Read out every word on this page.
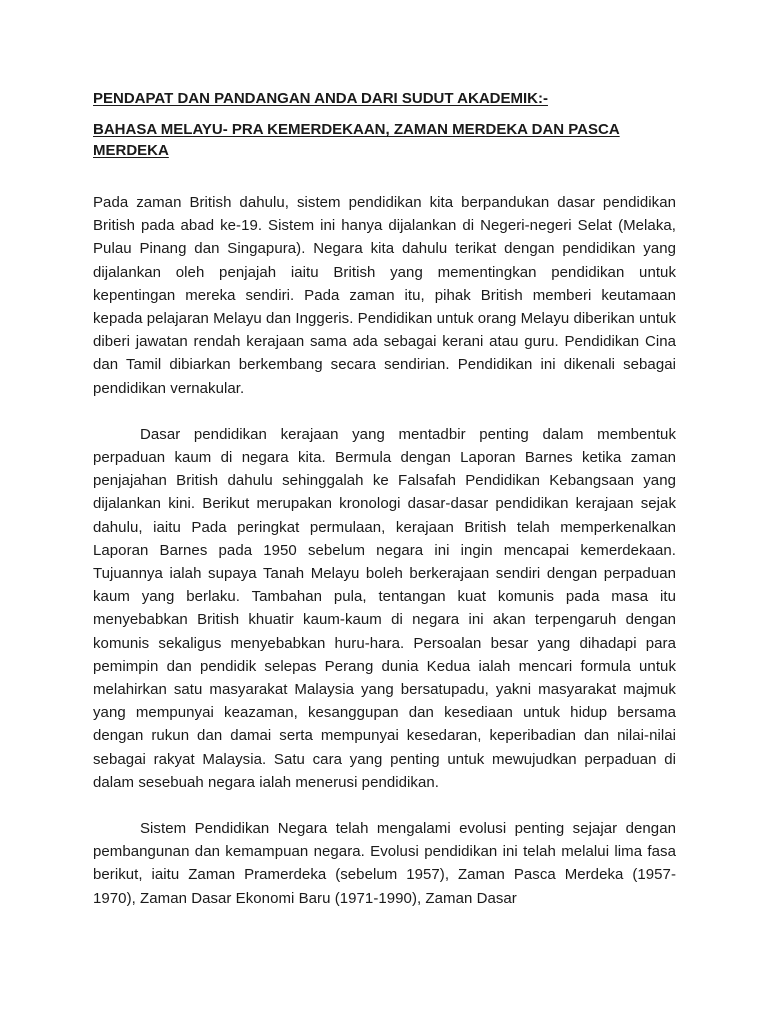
PENDAPAT DAN PANDANGAN ANDA DARI SUDUT AKADEMIK:-

BAHASA MELAYU- PRA KEMERDEKAAN, ZAMAN MERDEKA DAN PASCA MERDEKA

Pada zaman British dahulu, sistem pendidikan kita berpandukan dasar pendidikan British pada abad ke-19. Sistem ini hanya dijalankan di Negeri-negeri Selat (Melaka, Pulau Pinang dan Singapura). Negara kita dahulu terikat dengan pendidikan yang dijalankan oleh penjajah iaitu British yang mementingkan pendidikan untuk kepentingan mereka sendiri. Pada zaman itu, pihak British memberi keutamaan kepada pelajaran Melayu dan Inggeris. Pendidikan untuk orang Melayu diberikan untuk diberi jawatan rendah kerajaan sama ada sebagai kerani atau guru. Pendidikan Cina dan Tamil dibiarkan berkembang secara sendirian. Pendidikan ini dikenali sebagai pendidikan vernakular.

Dasar pendidikan kerajaan yang mentadbir penting dalam membentuk perpaduan kaum di negara kita. Bermula dengan Laporan Barnes ketika zaman penjajahan British dahulu sehinggalah ke Falsafah Pendidikan Kebangsaan yang dijalankan kini. Berikut merupakan kronologi dasar-dasar pendidikan kerajaan sejak dahulu, iaitu Pada peringkat permulaan, kerajaan British telah memperkenalkan Laporan Barnes pada 1950 sebelum negara ini ingin mencapai kemerdekaan. Tujuannya ialah supaya Tanah Melayu boleh berkerajaan sendiri dengan perpaduan kaum yang berlaku. Tambahan pula, tentangan kuat komunis pada masa itu menyebabkan British khuatir kaum-kaum di negara ini akan terpengaruh dengan komunis sekaligus menyebabkan huru-hara. Persoalan besar yang dihadapi para pemimpin dan pendidik selepas Perang dunia Kedua ialah mencari formula untuk melahirkan satu masyarakat Malaysia yang bersatupadu, yakni masyarakat majmuk yang mempunyai keazaman, kesanggupan dan kesediaan untuk hidup bersama dengan rukun dan damai serta mempunyai kesedaran, keperibadian dan nilai-nilai sebagai rakyat Malaysia. Satu cara yang penting untuk mewujudkan perpaduan di dalam sesebuah negara ialah menerusi pendidikan.

Sistem Pendidikan Negara telah mengalami evolusi penting sejajar dengan pembangunan dan kemampuan negara. Evolusi pendidikan ini telah melalui lima fasa berikut, iaitu Zaman Pramerdeka (sebelum 1957), Zaman Pasca Merdeka (1957-1970), Zaman Dasar Ekonomi Baru (1971-1990), Zaman Dasar
